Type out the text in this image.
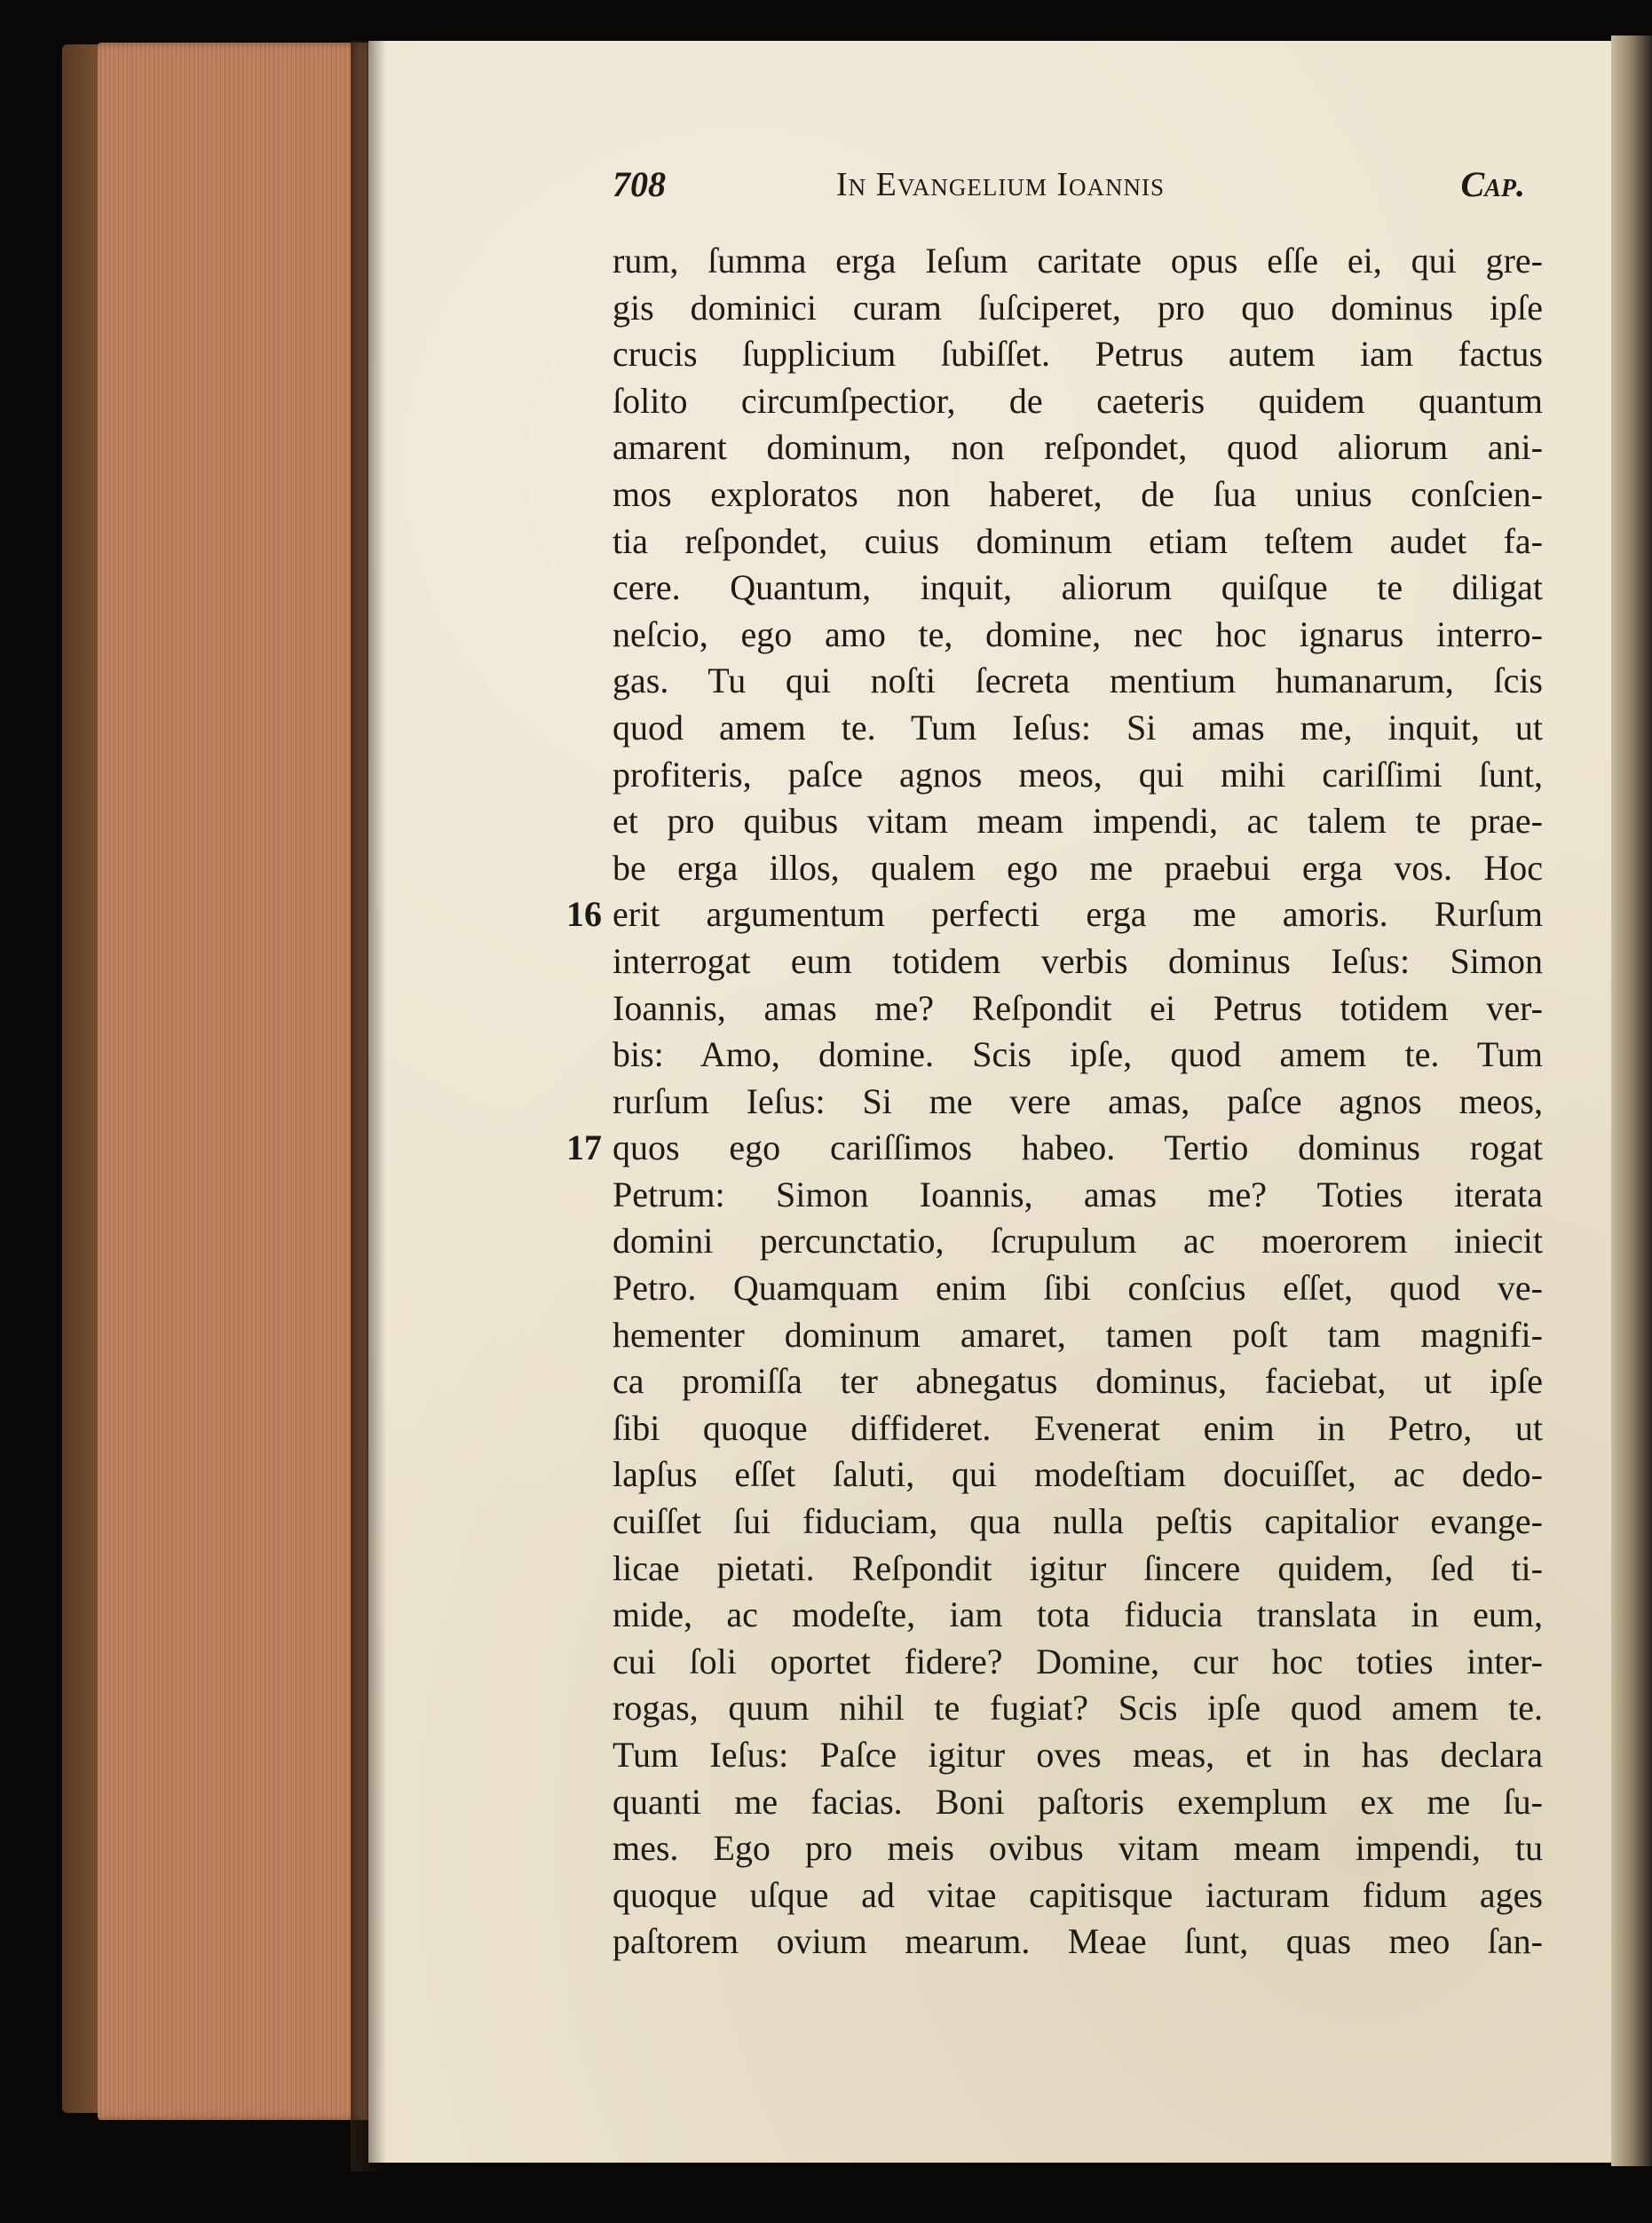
708	In Evangelium Ioannis	Cap.
rum, ſumma erga Ieſum caritate opus eſſe ei, qui gre-
gis dominici curam ſuſciperet, pro quo dominus ipſe
crucis ſupplicium ſubiſſet. Petrus autem iam factus
ſolito circumſpectior, de caeteris quidem quantum
amarent dominum, non reſpondet, quod aliorum ani-
mos exploratos non haberet, de ſua unius conſcien-
tia reſpondet, cuius dominum etiam teſtem audet fa-
cere. Quantum, inquit, aliorum quiſque te diligat
neſcio, ego amo te, domine, nec hoc ignarus interro-
gas. Tu qui noſti ſecreta mentium humanarum, ſcis
quod amem te. Tum Ieſus: Si amas me, inquit, ut
profiteris, paſce agnos meos, qui mihi cariſſimi ſunt,
et pro quibus vitam meam impendi, ac talem te prae-
be erga illos, qualem ego me praebui erga vos. Hoc
16 erit argumentum perfecti erga me amoris. Rurſum
interrogat eum totidem verbis dominus Ieſus: Simon
Ioannis, amas me? Reſpondit ei Petrus totidem ver-
bis: Amo, domine. Scis ipſe, quod amem te. Tum
rurſum Ieſus: Si me vere amas, paſce agnos meos,
17 quos ego cariſſimos habeo. Tertio dominus rogat
Petrum: Simon Ioannis, amas me? Toties iterata
domini percunctatio, ſcrupulum ac moerorem iniecit
Petro. Quamquam enim ſibi conſcius eſſet, quod ve-
hementer dominum amaret, tamen poſt tam magnifi-
ca promiſſa ter abnegatus dominus, faciebat, ut ipſe
ſibi quoque diffideret. Evenerat enim in Petro, ut
lapſus eſſet ſaluti, qui modeſtiam docuiſſet, ac dedo-
cuiſſet ſui fiduciam, qua nulla peſtis capitalior evange-
licae pietati. Reſpondit igitur ſincere quidem, ſed ti-
mide, ac modeſte, iam tota fiducia translata in eum,
cui ſoli oportet fidere? Domine, cur hoc toties inter-
rogas, quum nihil te fugiat? Scis ipſe quod amem te.
Tum Ieſus: Paſce igitur oves meas, et in has declara
quanti me facias. Boni paſtoris exemplum ex me ſu-
mes. Ego pro meis ovibus vitam meam impendi, tu
quoque uſque ad vitae capitisque iacturam fidum ages
paſtorem ovium mearum. Meae ſunt, quas meo ſan-
